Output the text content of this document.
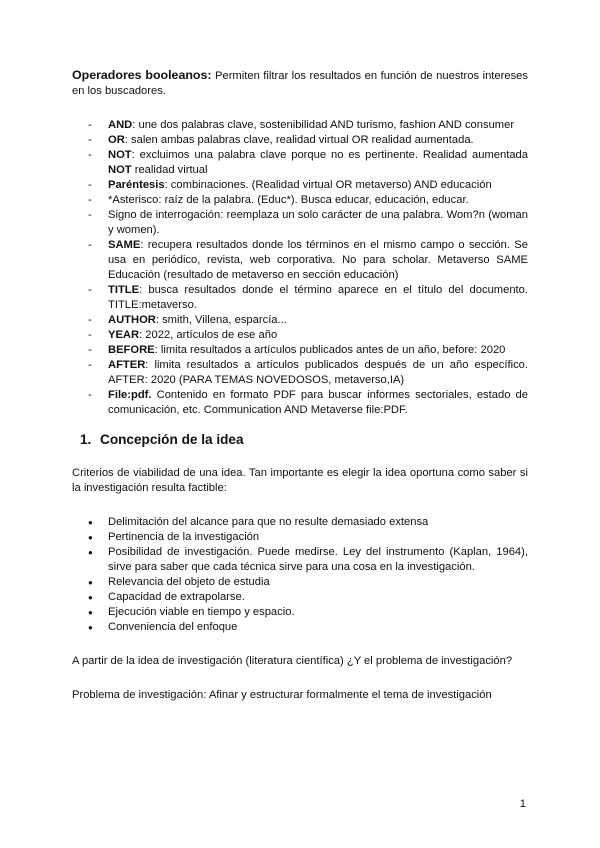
Operadores booleanos: Permiten filtrar los resultados en función de nuestros intereses en los buscadores.

- AND: une dos palabras clave, sostenibilidad AND turismo, fashion AND consumer
- OR: salen ambas palabras clave, realidad virtual OR realidad aumentada.
- NOT: excluimos una palabra clave porque no es pertinente. Realidad aumentada NOT realidad virtual
- Paréntesis: combinaciones. (Realidad virtual OR metaverso) AND educación
- *Asterisco: raíz de la palabra. (Educ*). Busca educar, educación, educar.
- Signo de interrogación: reemplaza un solo carácter de una palabra. Wom?n (woman y women).
- SAME: recupera resultados donde los términos en el mismo campo o sección. Se usa en periódico, revista, web corporativa. No para scholar. Metaverso SAME Educación (resultado de metaverso en sección educación)
- TITLE: busca resultados donde el término aparece en el título del documento. TITLE:metaverso.
- AUTHOR: smith, Villena, esparcía...
- YEAR: 2022, artículos de ese año
- BEFORE: limita resultados a artículos publicados antes de un año, before: 2020
- AFTER: limita resultados a artículos publicados después de un año específico. AFTER: 2020 (PARA TEMAS NOVEDOSOS, metaverso,IA)
- File:pdf. Contenido en formato PDF para buscar informes sectoriales, estado de comunicación, etc. Communication AND Metaverse file:PDF.
1. Concepción de la idea

Criterios de viabilidad de una idea. Tan importante es elegir la idea oportuna como saber si la investigación resulta factible:

● Delimitación del alcance para que no resulte demasiado extensa
● Pertinencia de la investigación
● Posibilidad de investigación. Puede medirse. Ley del instrumento (Kaplan, 1964), sirve para saber que cada técnica sirve para una cosa en la investigación.
● Relevancia del objeto de estudia
● Capacidad de extrapolarse.
● Ejecución viable en tiempo y espacio.
● Conveniencia del enfoque

A partir de la idea de investigación (literatura científica) ¿Y el problema de investigación?

Problema de investigación: Afinar y estructurar formalmente el tema de investigación

1
